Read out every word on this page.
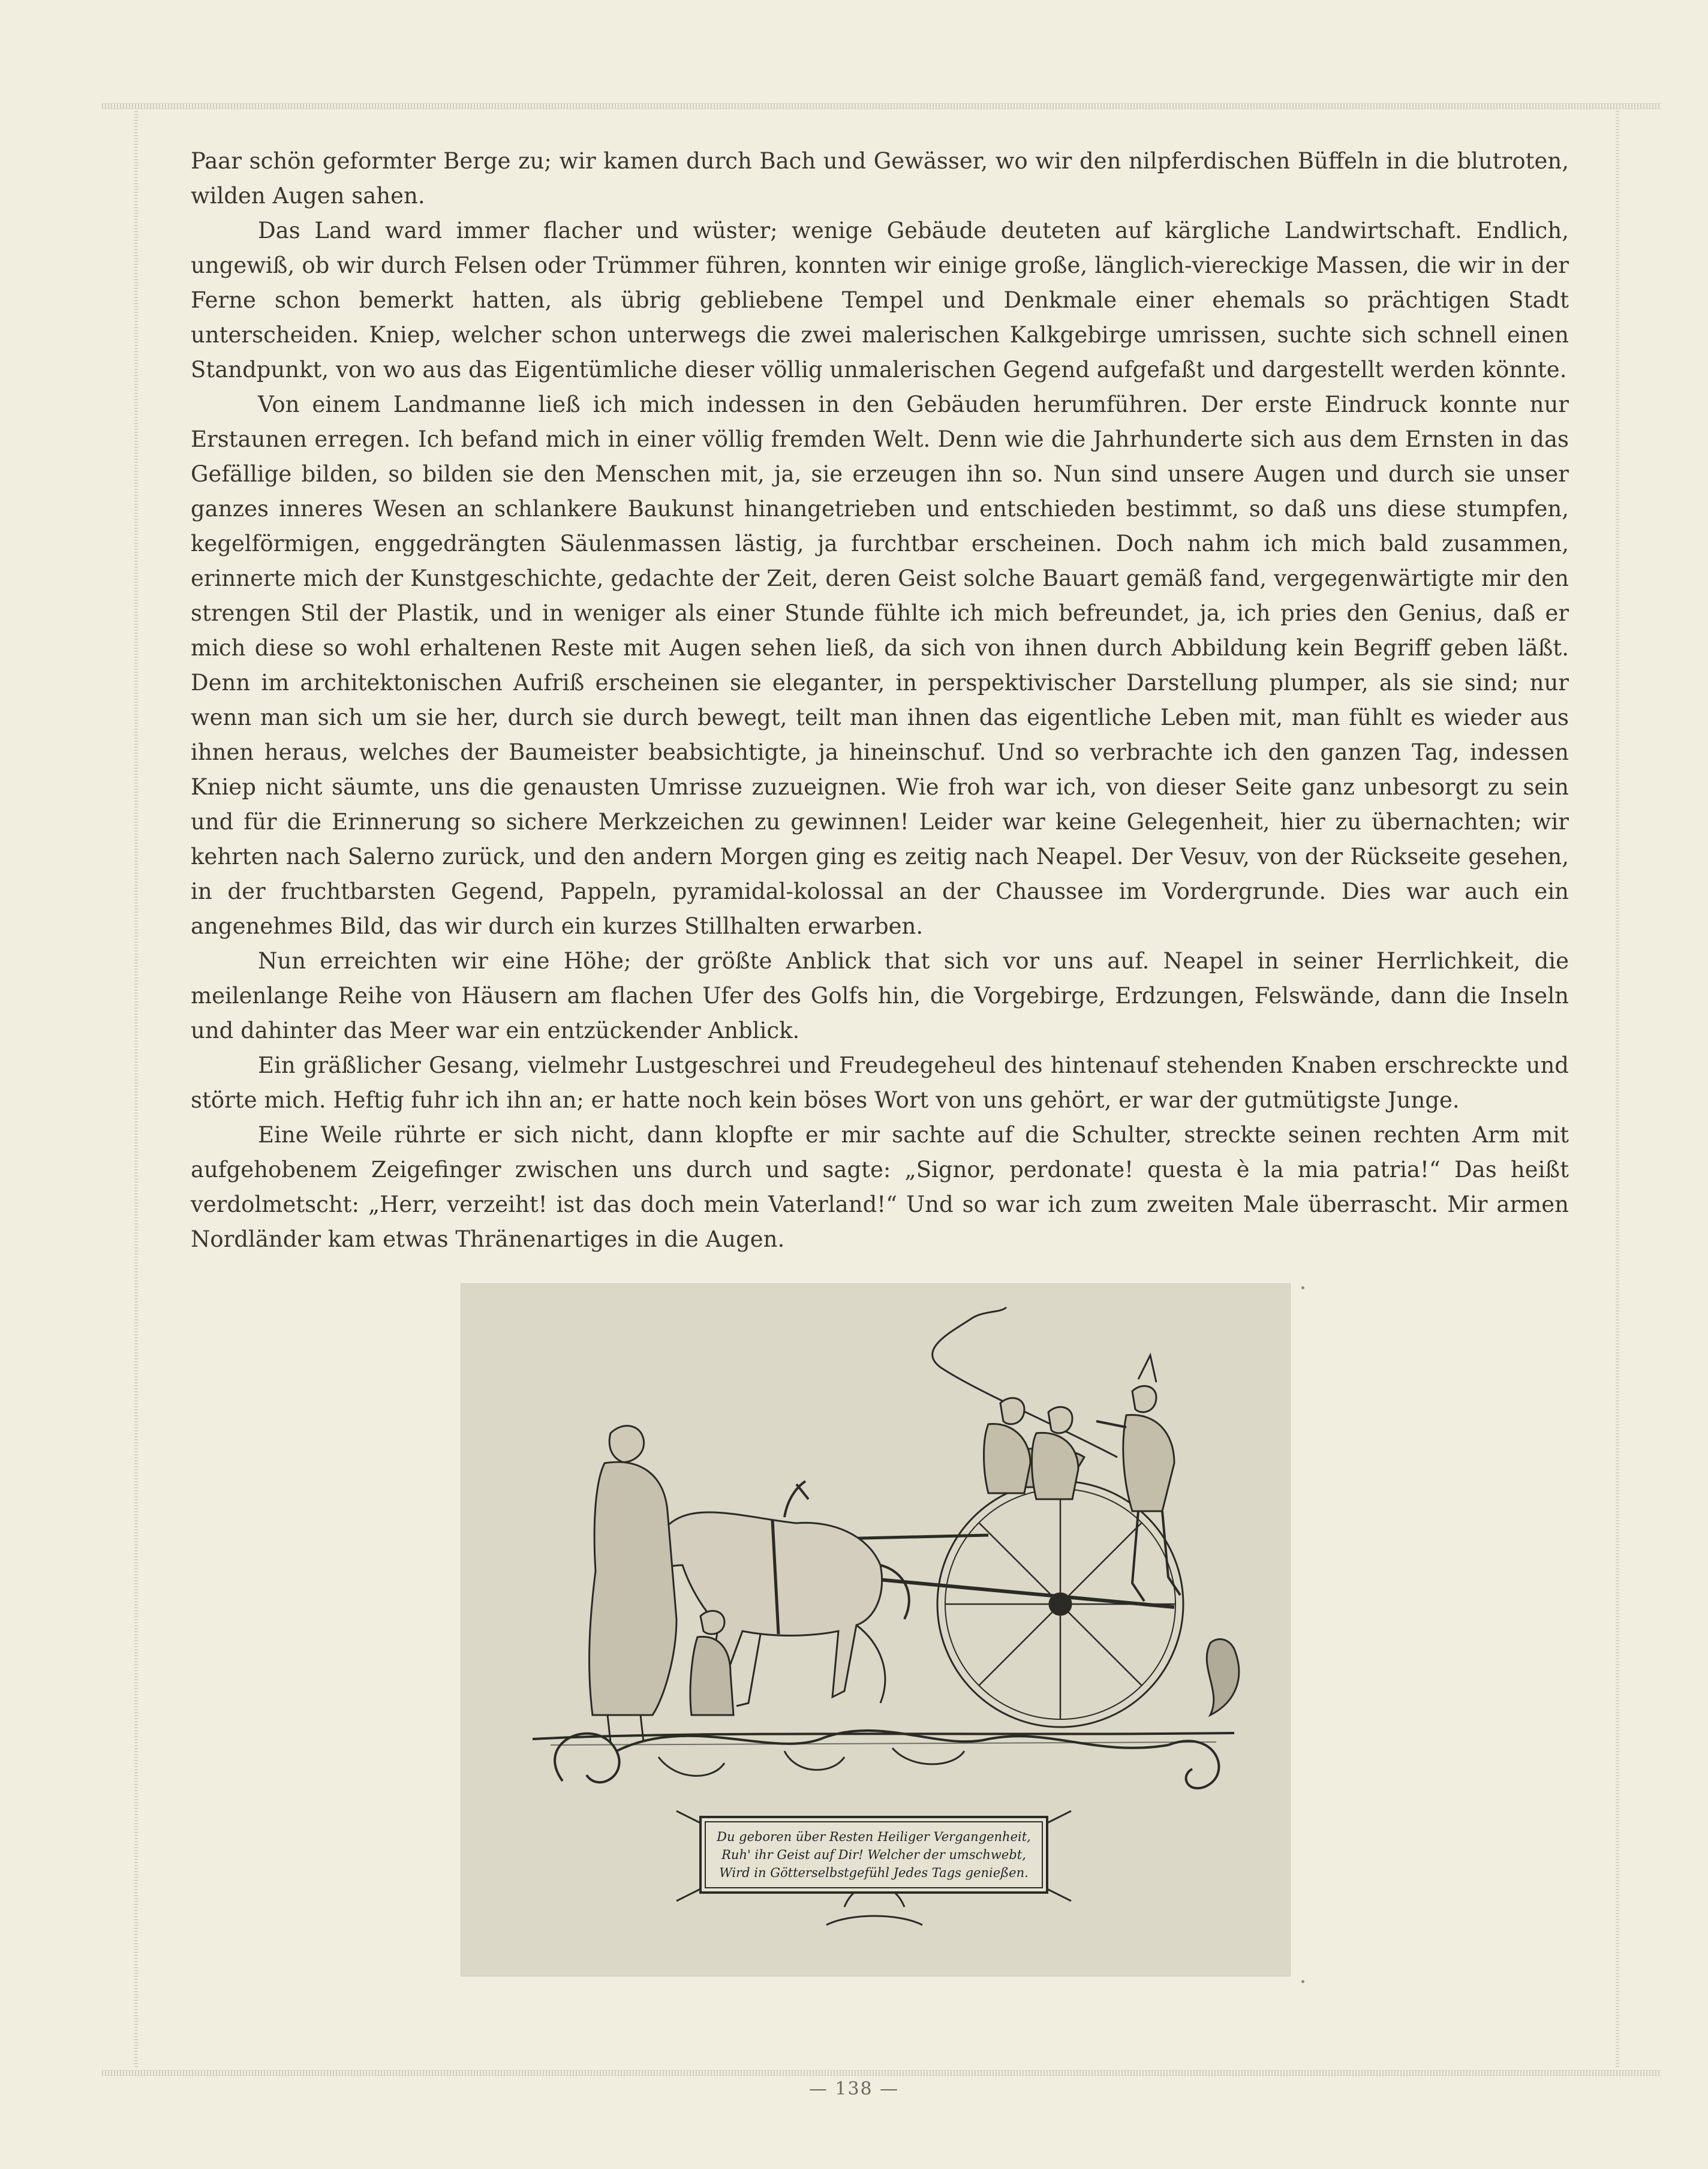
Paar schön geformter Berge zu; wir kamen durch Bach und Gewässer, wo wir den nilpferdischen Büffeln in die blutroten, wilden Augen sahen.

Das Land ward immer flacher und wüster; wenige Gebäude deuteten auf kärgliche Landwirtschaft. Endlich, ungewiß, ob wir durch Felsen oder Trümmer führen, konnten wir einige große, länglich-viereckige Massen, die wir in der Ferne schon bemerkt hatten, als übrig gebliebene Tempel und Denkmale einer ehemals so prächtigen Stadt unterscheiden. Kniep, welcher schon unterwegs die zwei malerischen Kalkgebirge umrissen, suchte sich schnell einen Standpunkt, von wo aus das Eigentümliche dieser völlig unmalerischen Gegend aufgefaßt und dargestellt werden könnte.

Von einem Landmanne ließ ich mich indessen in den Gebäuden herumführen. Der erste Eindruck konnte nur Erstaunen erregen. Ich befand mich in einer völlig fremden Welt. Denn wie die Jahrhunderte sich aus dem Ernsten in das Gefällige bilden, so bilden sie den Menschen mit, ja, sie erzeugen ihn so. Nun sind unsere Augen und durch sie unser ganzes inneres Wesen an schlankere Baukunst hinangetrieben und entschieden bestimmt, so daß uns diese stumpfen, kegelförmigen, enggedrängten Säulenmassen lästig, ja furchtbar erscheinen. Doch nahm ich mich bald zusammen, erinnerte mich der Kunstgeschichte, gedachte der Zeit, deren Geist solche Bauart gemäß fand, vergegenwärtigte mir den strengen Stil der Plastik, und in weniger als einer Stunde fühlte ich mich befreundet, ja, ich pries den Genius, daß er mich diese so wohl erhaltenen Reste mit Augen sehen ließ, da sich von ihnen durch Abbildung kein Begriff geben läßt. Denn im architektonischen Aufriß erscheinen sie eleganter, in perspektivischer Darstellung plumper, als sie sind; nur wenn man sich um sie her, durch sie durch bewegt, teilt man ihnen das eigentliche Leben mit, man fühlt es wieder aus ihnen heraus, welches der Baumeister beabsichtigte, ja hineinschuf. Und so verbrachte ich den ganzen Tag, indessen Kniep nicht säumte, uns die genausten Umrisse zuzueignen. Wie froh war ich, von dieser Seite ganz unbesorgt zu sein und für die Erinnerung so sichere Merkzeichen zu gewinnen! Leider war keine Gelegenheit, hier zu übernachten; wir kehrten nach Salerno zurück, und den andern Morgen ging es zeitig nach Neapel. Der Vesuv, von der Rückseite gesehen, in der fruchtbarsten Gegend, Pappeln, pyramidal-kolossal an der Chaussee im Vordergrunde. Dies war auch ein angenehmes Bild, das wir durch ein kurzes Stillhalten erwarben.

Nun erreichten wir eine Höhe; der größte Anblick that sich vor uns auf. Neapel in seiner Herrlichkeit, die meilenlange Reihe von Häusern am flachen Ufer des Golfs hin, die Vorgebirge, Erdzungen, Felswände, dann die Inseln und dahinter das Meer war ein entzückender Anblick.

Ein gräßlicher Gesang, vielmehr Lustgeschrei und Freudegeheul des hintenauf stehenden Knaben erschreckte und störte mich. Heftig fuhr ich ihn an; er hatte noch kein böses Wort von uns gehört, er war der gutmütigste Junge.

Eine Weile rührte er sich nicht, dann klopfte er mir sachte auf die Schulter, streckte seinen rechten Arm mit aufgehobenem Zeigefinger zwischen uns durch und sagte: „Signor, perdonate! questa è la mia patria!“ Das heißt verdolmetscht: „Herr, verzeiht! ist das doch mein Vaterland!“ Und so war ich zum zweiten Male überrascht. Mir armen Nordländer kam etwas Thränenartiges in die Augen.

Du geboren über Resten Heiliger Vergangenheit,
Ruh' ihr Geist auf Dir! Welcher der umschwebt,
Wird in Götterselbstgefühl Jedes Tags genießen.
— 138 —
